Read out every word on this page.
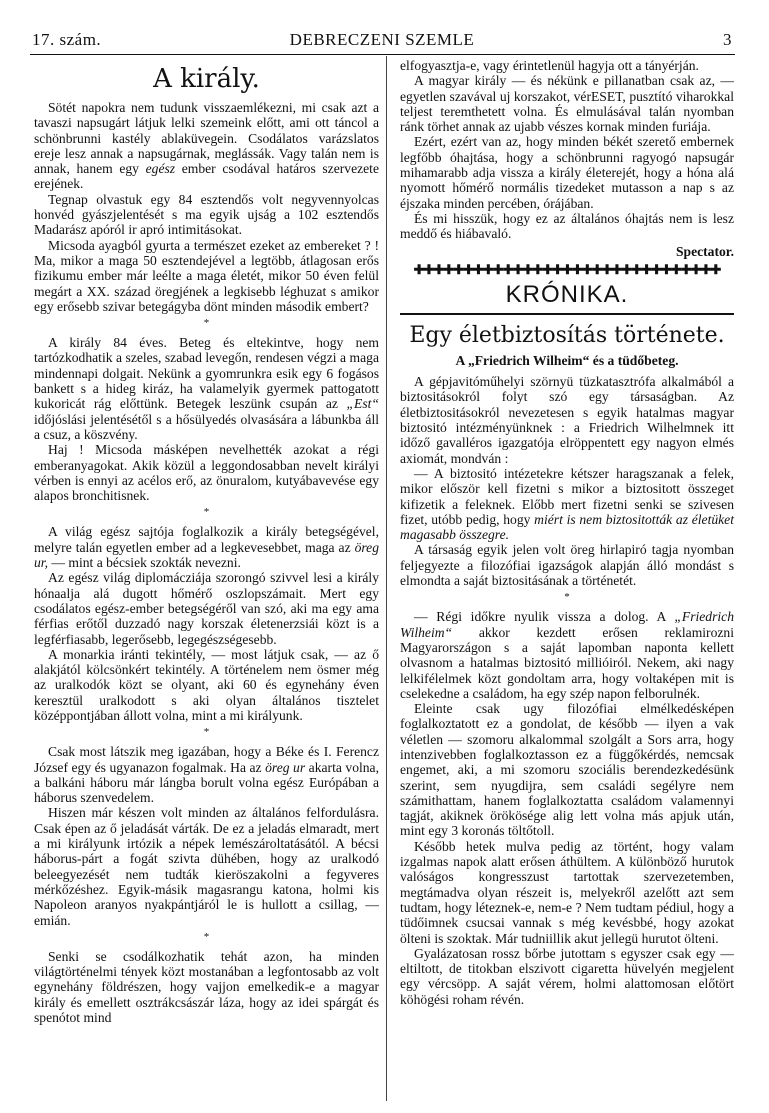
17. szám.	DEBRECZENI SZEMLE	3
A király.

Sötét napokra nem tudunk visszaemlékezni, mi csak azt a tavaszi napsugárt látjuk lelki szemeink előtt, ami ott táncol a schönbrunni kastély ablaküvegein. Csodálatos varázslatos ereje lesz annak a napsugárnak, meglássák. Vagy talán nem is annak, hanem egy egész ember csodával határos szervezete erejének.

Tegnap olvastuk egy 84 esztendős volt negyvennyolcas honvéd gyászjelentését s ma egyik ujság a 102 esztendős Madarász apóról ir apró intimitásokat.

Micsoda ayagból gyurta a természet ezeket az embereket ? ! Ma, mikor a maga 50 esztendejével a legtöbb, átlagosan erős fizikumu ember már leélte a maga életét, mikor 50 éven felül megárt a XX. század öregjének a legkisebb léghuzat s amikor egy erősebb szivar betegágyba dönt minden második embert?

*

A király 84 éves. Beteg és eltekintve, hogy nem tartózkodhatik a szeles, szabad levegőn, rendesen végzi a maga mindennapi dolgait. Nekünk a gyomrunkra esik egy 6 fogásos bankett s a hideg kiráz, ha valamelyik gyermek pattogatott kukoricát rág előttünk. Betegek leszünk csupán az „Est“ időjóslási jelentésétől s a hősülyedés olvasására a lábunkba áll a csuz, a köszvény.

Haj ! Micsoda másképen nevelhették azokat a régi emberanyagokat. Akik közül a leggondosabban nevelt királyi vérben is ennyi az acélos erő, az önuralom, kutyábavevése egy alapos bronchitisnek.

*

A világ egész sajtója foglalkozik a király betegségével, melyre talán egyetlen ember ad a legkevesebbet, maga az öreg ur, — mint a bécsiek szokták nevezni.

Az egész világ diplomácziája szorongó szivvel lesi a király hónaalja alá dugott hőmérő oszlopszámait. Mert egy csodálatos egész-ember betegségéről van szó, aki ma egy ama férfias erőtől duzzadó nagy korszak életenerzsiái közt is a legférfiasabb, legerősebb, legegészségesebb.

A monarkia iránti tekintély, — most látjuk csak, — az ő alakjától kölcsönkért tekintély. A történelem nem ösmer még az uralkodók közt se olyant, aki 60 és egynehány éven keresztül uralkodott s aki olyan általános tisztelet középpontjában állott volna, mint a mi királyunk.

*

Csak most látszik meg igazában, hogy a Béke és I. Ferencz József egy és ugyanazon fogalmak. Ha az öreg ur akarta volna, a balkáni háboru már lángba borult volna egész Európában a háborus szenvedelem.

Hiszen már készen volt minden az általános felfordulásra. Csak épen az ő jeladását várták. De ez a jeladás elmaradt, mert a mi királyunk irtózik a népek lemészároltatásától. A bécsi háborus-párt a fogát szivta dühében, hogy az uralkodó beleegyezését nem tudták kieröszakolni a fegyveres mérkőzéshez. Egyik-másik magasrangu katona, holmi kis Napoleon aranyos nyakpántjáról le is hullott a csillag, — emián.

*

Senki se csodálkozhatik tehát azon, ha minden világtörténelmi tények közt mostanában a legfontosabb az volt egynehány földrészen, hogy vajjon emelkedik-e a magyar király és emellett osztrákcsászár láza, hogy az idei spárgát és spenótot mind

elfogyasztja-e, vagy érintetlenül hagyja ott a tányérján.

A magyar király — és nékünk e pillanatban csak az, — egyetlen szavával uj korszakot, vérESET, pusztító viharokkal teljest teremthetett volna. És elmulásával talán nyomban ránk törhet annak az ujabb vészes kornak minden furiája.

Ezért, ezért van az, hogy minden békét szerető embernek legfőbb óhajtása, hogy a schönbrunni ragyogó napsugár mihamarabb adja vissza a király életerejét, hogy a hóna alá nyomott hőmérő normális tizedeket mutasson a nap s az éjszaka minden percében, órájában.

És mi hisszük, hogy ez az általános óhajtás nem is lesz meddő és hiábavaló.

Spectator.
✚✚✚✚✚✚✚✚✚✚✚✚✚✚✚✚✚✚✚✚✚✚✚✚✚✚✚✚✚✚✚
KRÓNIKA.
Egy életbiztosítás története.
A „Friedrich Wilheim“ és a tüdőbeteg.

A gépjavitóműhelyi szörnyü tüzkatasztrófa alkalmából a biztositásokról folyt szó egy társaságban. Az életbiztositásokról nevezetesen s egyik hatalmas magyar biztositó intézményünknek : a Friedrich Wilhelmnek itt időző gavalléros igazgatója elröppentett egy nagyon elmés axiomát, mondván :

— A biztositó intézetekre kétszer haragszanak a felek, mikor először kell fizetni s mikor a biztositott összeget kifizetik a feleknek. Előbb mert fizetni senki se szivesen fizet, utóbb pedig, hogy miért is nem biztositották az életüket magasabb összegre.

A társaság egyik jelen volt öreg hirlapiró tagja nyomban feljegyezte a filozófiai igazságok alapján álló mondást s elmondta a saját biztositásának a történetét.

*

— Régi időkre nyulik vissza a dolog. A „Friedrich Wilheim“ akkor kezdett erősen reklamirozni Magyarországon s a saját lapomban naponta kellett olvasnom a hatalmas biztositó millióiról. Nekem, aki nagy lelkifélelmek közt gondoltam arra, hogy voltaképen mit is cselekedne a családom, ha egy szép napon felborulnék.

Eleinte csak ugy filozófiai elmélkedésképen foglalkoztatott ez a gondolat, de később — ilyen a vak véletlen — szomoru alkalommal szolgált a Sors arra, hogy intenzivebben foglalkoztasson ez a függőkérdés, nemcsak engemet, aki, a mi szomoru szociális berendezkedésünk szerint, sem nyugdijra, sem családi segélyre nem számithattam, hanem foglalkoztatta családom valamennyi tagját, akiknek örökösége alig lett volna más apjuk után, mint egy 3 koronás töltőtoll.

Később hetek mulva pedig az történt, hogy valam izgalmas napok alatt erősen áthültem. A különböző hurutok valóságos kongresszust tartottak szervezetemben, megtámadva olyan részeit is, melyekről azelőtt azt sem tudtam, hogy léteznek-e, nem-e ? Nem tudtam pédiul, hogy a tüdőimnek csucsai vannak s még kevésbbé, hogy azokat ölteni is szoktak. Már tudniillik akut jellegü hurutot ölteni.

Gyalázatosan rossz bőrbe jutottam s egyszer csak egy — eltiltott, de titokban elszivott cigaretta hüvelyén megjelent egy vércsöpp. A saját vérem, holmi alattomosan előtört köhögési roham révén.
